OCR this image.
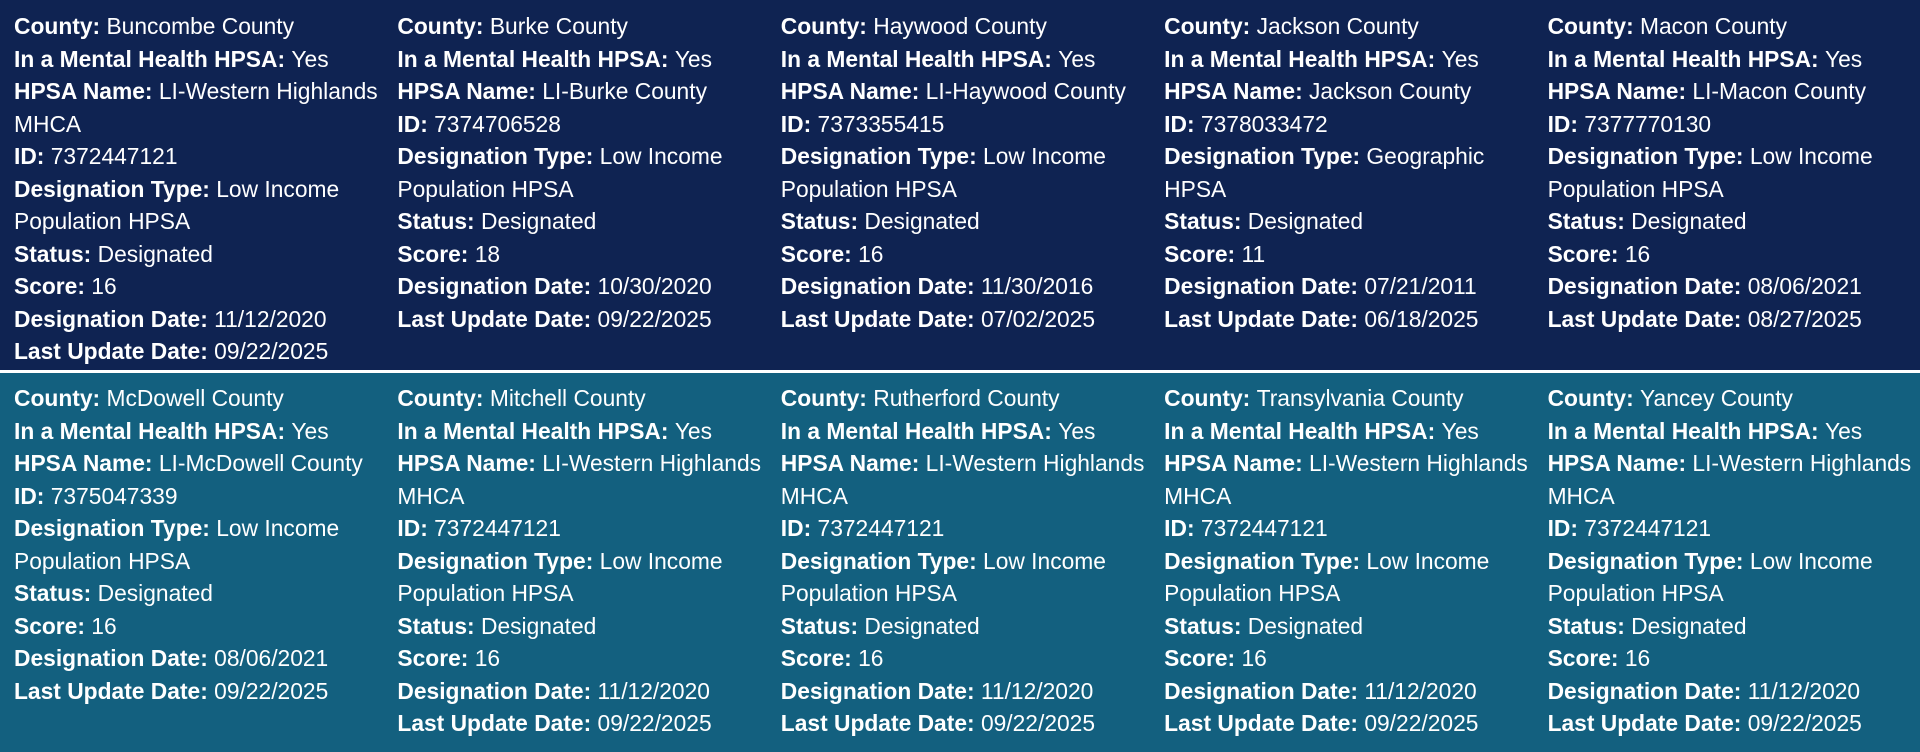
County: Buncombe County
In a Mental Health HPSA: Yes
HPSA Name: LI-Western Highlands MHCA
ID: 7372447121
Designation Type: Low Income Population HPSA
Status: Designated
Score: 16
Designation Date: 11/12/2020
Last Update Date: 09/22/2025
County: Burke County
In a Mental Health HPSA: Yes
HPSA Name: LI-Burke County
ID: 7374706528
Designation Type: Low Income Population HPSA
Status: Designated
Score: 18
Designation Date: 10/30/2020
Last Update Date: 09/22/2025
County: Haywood County
In a Mental Health HPSA: Yes
HPSA Name: LI-Haywood County
ID: 7373355415
Designation Type: Low Income Population HPSA
Status: Designated
Score: 16
Designation Date: 11/30/2016
Last Update Date: 07/02/2025
County: Jackson County
In a Mental Health HPSA: Yes
HPSA Name: Jackson County
ID: 7378033472
Designation Type: Geographic HPSA
Status: Designated
Score: 11
Designation Date: 07/21/2011
Last Update Date: 06/18/2025
County: Macon County
In a Mental Health HPSA: Yes
HPSA Name: LI-Macon County
ID: 7377770130
Designation Type: Low Income Population HPSA
Status: Designated
Score: 16
Designation Date: 08/06/2021
Last Update Date: 08/27/2025
County: McDowell County
In a Mental Health HPSA: Yes
HPSA Name: LI-McDowell County
ID: 7375047339
Designation Type: Low Income Population HPSA
Status: Designated
Score: 16
Designation Date: 08/06/2021
Last Update Date: 09/22/2025
County: Mitchell County
In a Mental Health HPSA: Yes
HPSA Name: LI-Western Highlands MHCA
ID: 7372447121
Designation Type: Low Income Population HPSA
Status: Designated
Score: 16
Designation Date: 11/12/2020
Last Update Date: 09/22/2025
County: Rutherford County
In a Mental Health HPSA: Yes
HPSA Name: LI-Western Highlands MHCA
ID: 7372447121
Designation Type: Low Income Population HPSA
Status: Designated
Score: 16
Designation Date: 11/12/2020
Last Update Date: 09/22/2025
County: Transylvania County
In a Mental Health HPSA: Yes
HPSA Name: LI-Western Highlands MHCA
ID: 7372447121
Designation Type: Low Income Population HPSA
Status: Designated
Score: 16
Designation Date: 11/12/2020
Last Update Date: 09/22/2025
County: Yancey County
In a Mental Health HPSA: Yes
HPSA Name: LI-Western Highlands MHCA
ID: 7372447121
Designation Type: Low Income Population HPSA
Status: Designated
Score: 16
Designation Date: 11/12/2020
Last Update Date: 09/22/2025
